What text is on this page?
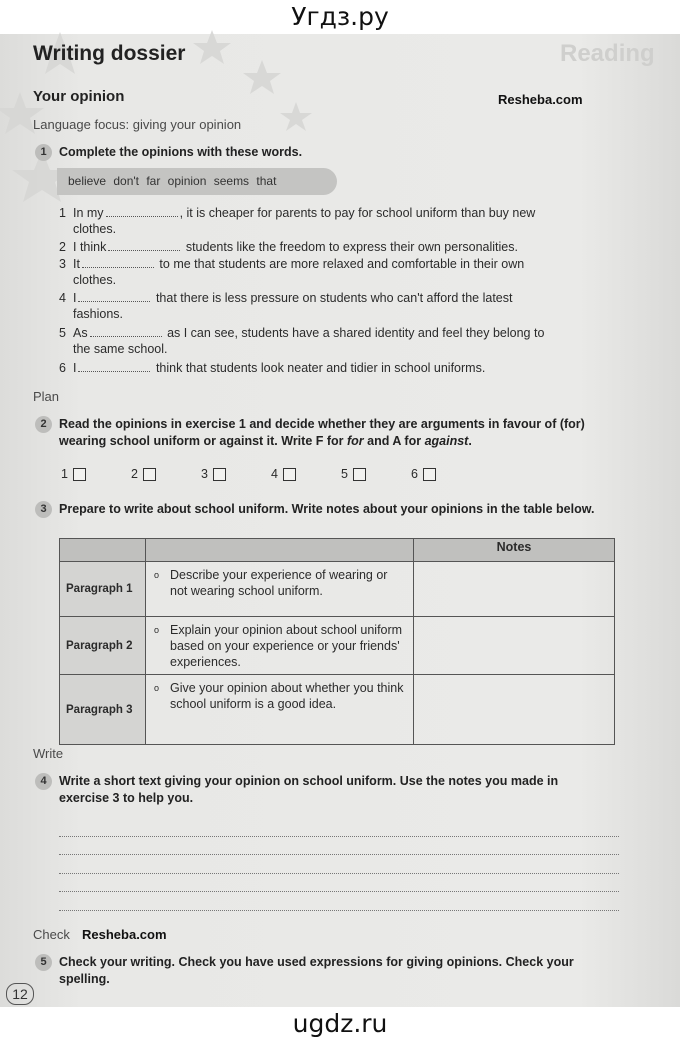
Угдз.ру
Reading
Writing dossier
Your opinion	Resheba.com
Language focus: giving your opinion
1 Complete the opinions with these words.
believe don't far opinion seems that
1 In my	, it is cheaper for parents to pay for school uniform than buy new clothes.
2 I think	students like the freedom to express their own personalities.
3 It	to me that students are more relaxed and comfortable in their own clothes.
4 I	that there is less pressure on students who can't afford the latest fashions.
5 As	as I can see, students have a shared identity and feel they belong to the same school.
6 I	think that students look neater and tidier in school uniforms.
Plan
2 Read the opinions in exercise 1 and decide whether they are arguments in favour of (for) wearing school uniform or against it. Write F for for and A for against.
1	2	3	4	5	6
3 Prepare to write about school uniform. Write notes about your opinions in the table below.
		Notes
Paragraph 1	o Describe your experience of wearing or not wearing school uniform.	
Paragraph 2	o Explain your opinion about school uniform based on your experience or your friends' experiences.	
Paragraph 3	o Give your opinion about whether you think school uniform is a good idea.	
Write
4 Write a short text giving your opinion on school uniform. Use the notes you made in exercise 3 to help you.
Check Resheba.com
5 Check your writing. Check you have used expressions for giving opinions. Check your spelling.
12
ugdz.ru
